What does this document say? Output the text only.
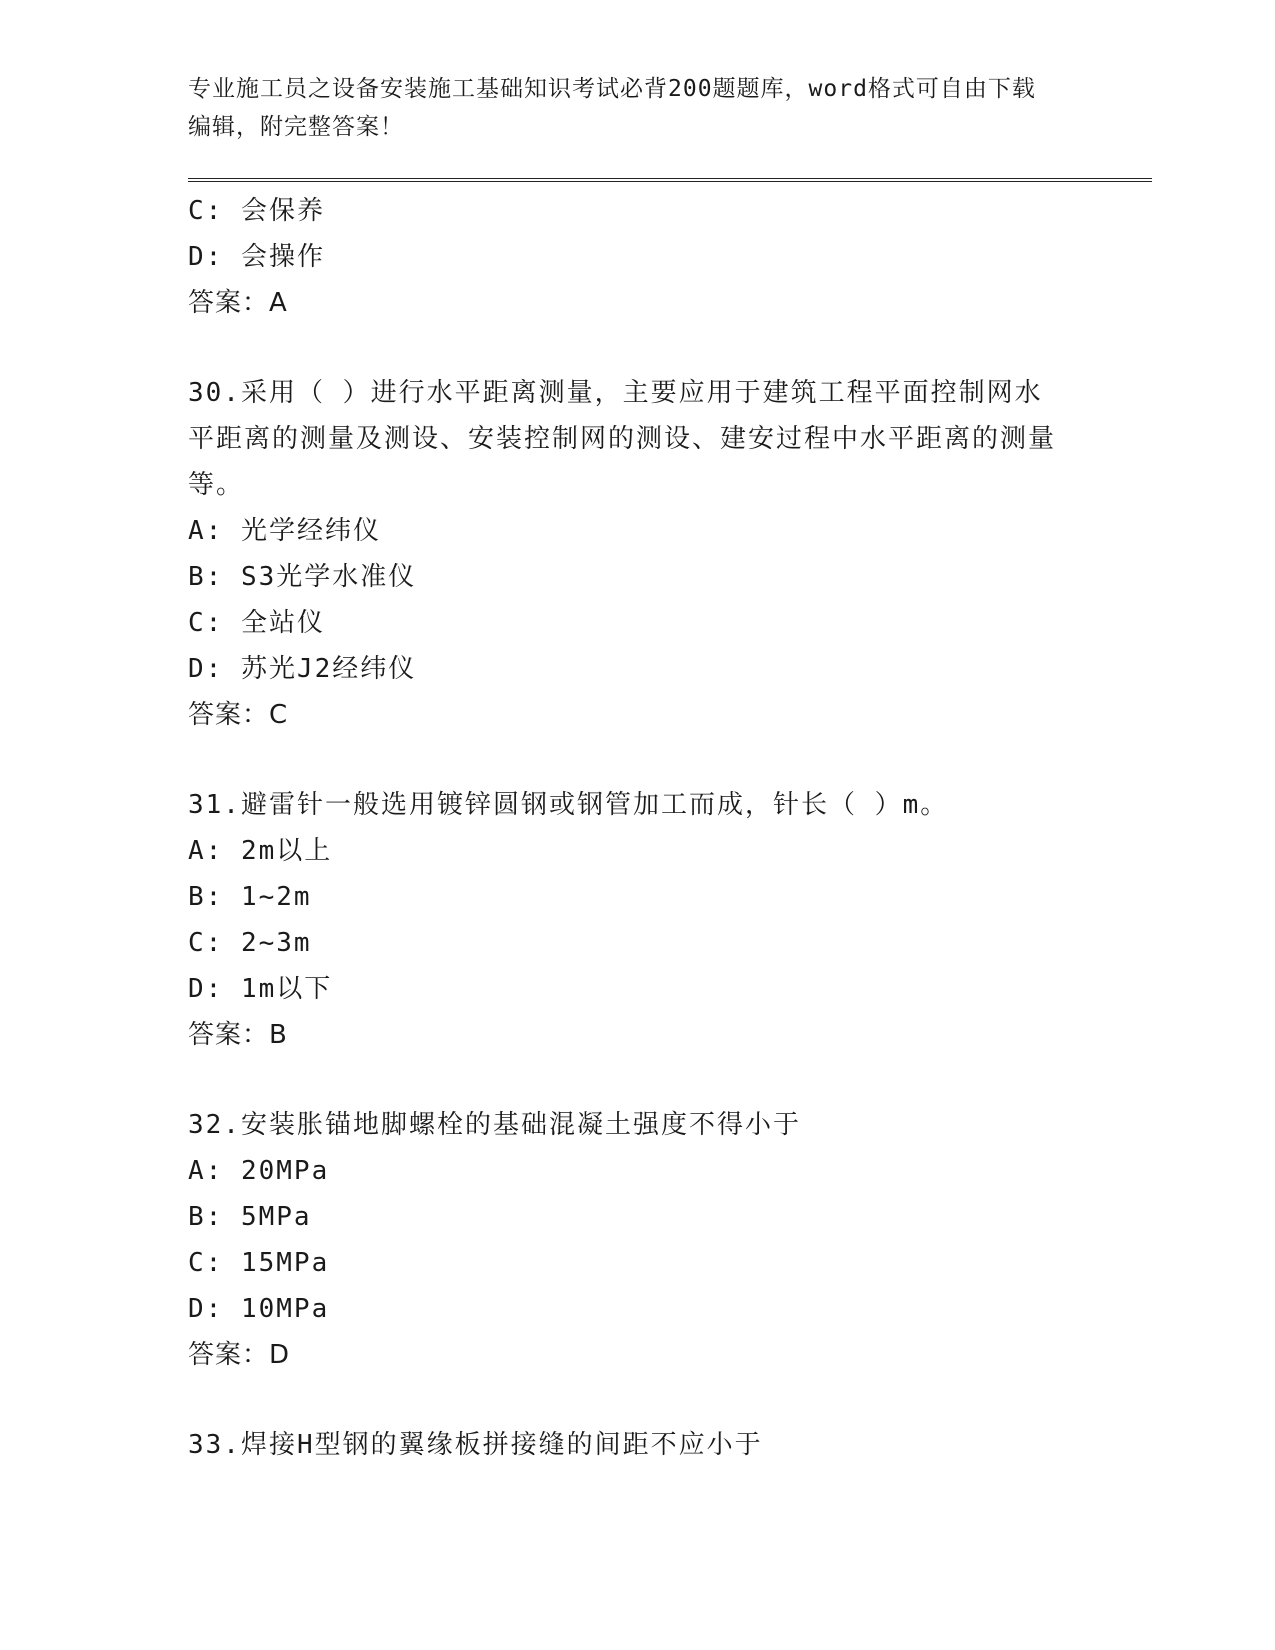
专业施工员之设备安装施工基础知识考试必背200题题库，word格式可自由下载
编辑，附完整答案！
C: 会保养
D: 会操作
答案：A
30.采用（ ）进行水平距离测量，主要应用于建筑工程平面控制网水平距离的测量及测设、安装控制网的测设、建安过程中水平距离的测量等。
A: 光学经纬仪
B: S3光学水准仪
C: 全站仪
D: 苏光J2经纬仪
答案：C
31.避雷针一般选用镀锌圆钢或钢管加工而成，针长（ ）m。
A: 2m以上
B: 1~2m
C: 2~3m
D: 1m以下
答案：B
32.安装胀锚地脚螺栓的基础混凝土强度不得小于
A: 20MPa
B: 5MPa
C: 15MPa
D: 10MPa
答案：D
33.焊接H型钢的翼缘板拼接缝的间距不应小于
